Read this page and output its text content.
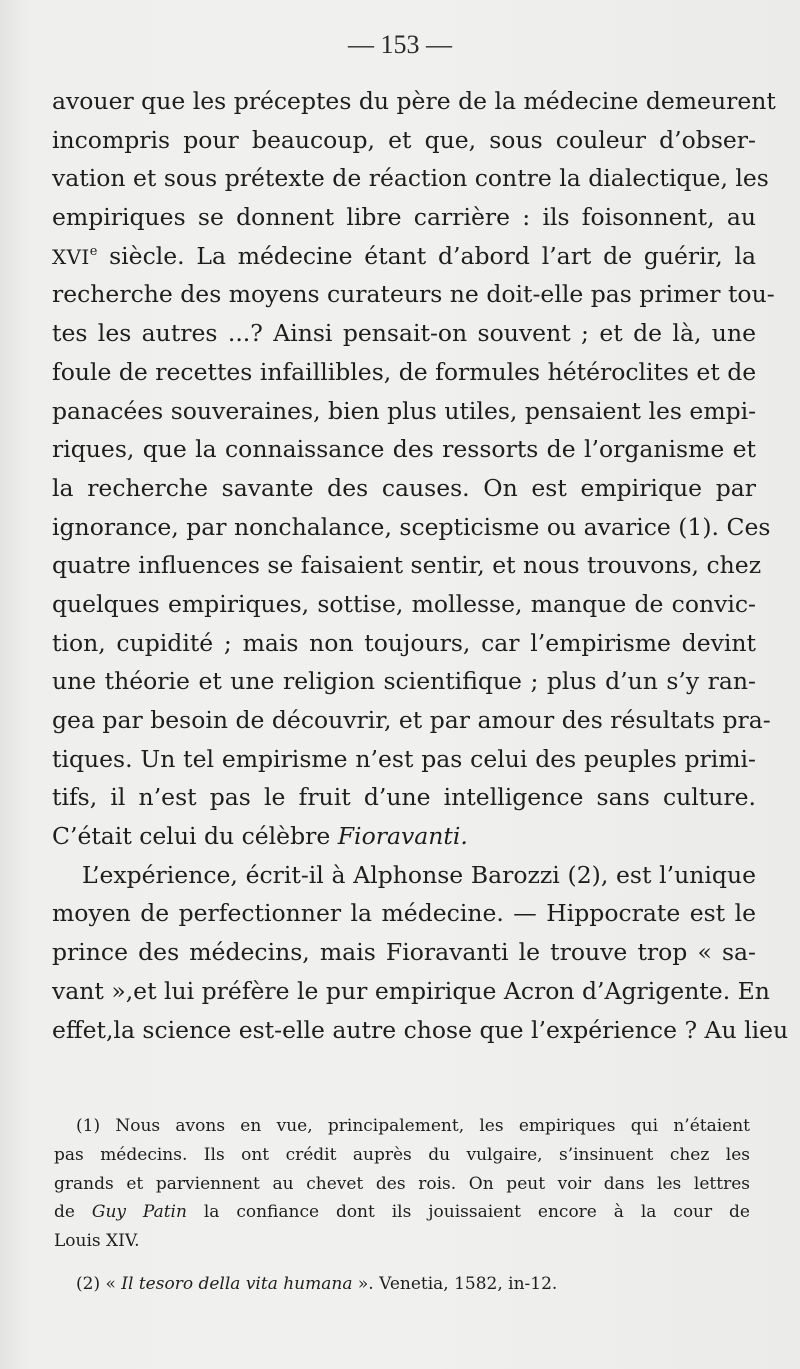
— 153 —
avouer que les préceptes du père de la médecine demeurent
incompris pour beaucoup, et que, sous couleur d’obser-
vation et sous prétexte de réaction contre la dialectique, les
empiriques se donnent libre carrière : ils foisonnent, au
XVIe siècle. La médecine étant d’abord l’art de guérir, la
recherche des moyens curateurs ne doit-elle pas primer tou-
tes les autres ...? Ainsi pensait-on souvent ; et de là, une
foule de recettes infaillibles, de formules hétéroclites et de
panacées souveraines, bien plus utiles, pensaient les empi-
riques, que la connaissance des ressorts de l’organisme et
la recherche savante des causes. On est empirique par
ignorance, par nonchalance, scepticisme ou avarice (1). Ces
quatre influences se faisaient sentir, et nous trouvons, chez
quelques empiriques, sottise, mollesse, manque de convic-
tion, cupidité ; mais non toujours, car l’empirisme devint
une théorie et une religion scientifique ; plus d’un s’y ran-
gea par besoin de découvrir, et par amour des résultats pra-
tiques. Un tel empirisme n’est pas celui des peuples primi-
tifs, il n’est pas le fruit d’une intelligence sans culture.
C’était celui du célèbre Fioravanti.
L’expérience, écrit-il à Alphonse Barozzi (2), est l’unique
moyen de perfectionner la médecine. — Hippocrate est le
prince des médecins, mais Fioravanti le trouve trop « sa-
vant »,et lui préfère le pur empirique Acron d’Agrigente. En
effet,la science est-elle autre chose que l’expérience ? Au lieu
(1) Nous avons en vue, principalement, les empiriques qui n’étaient
pas médecins. Ils ont crédit auprès du vulgaire, s’insinuent chez les
grands et parviennent au chevet des rois. On peut voir dans les lettres
de Guy Patin la confiance dont ils jouissaient encore à la cour de
Louis XIV.
(2) « Il tesoro della vita humana ». Venetia, 1582, in-12.
